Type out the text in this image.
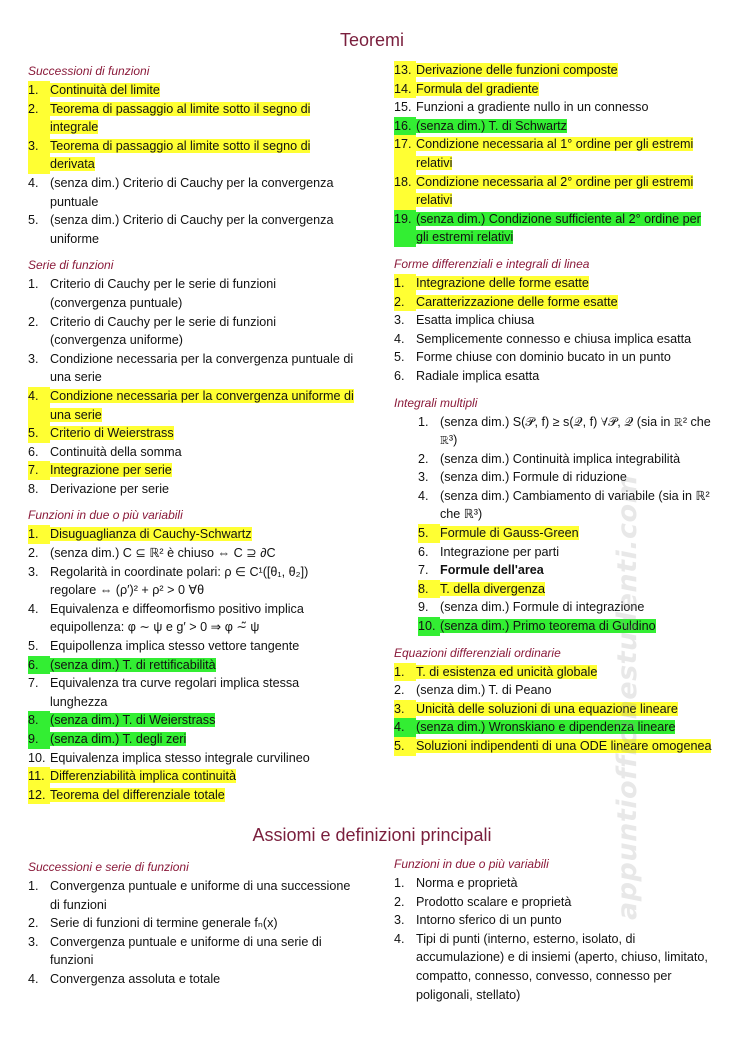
Teoremi
Successioni di funzioni
1. Continuità del limite
2. Teorema di passaggio al limite sotto il segno di integrale
3. Teorema di passaggio al limite sotto il segno di derivata
4. (senza dim.) Criterio di Cauchy per la convergenza puntuale
5. (senza dim.) Criterio di Cauchy per la convergenza uniforme
Serie di funzioni
1. Criterio di Cauchy per le serie di funzioni (convergenza puntuale)
2. Criterio di Cauchy per le serie di funzioni (convergenza uniforme)
3. Condizione necessaria per la convergenza puntuale di una serie
4. Condizione necessaria per la convergenza uniforme di una serie
5. Criterio di Weierstrass
6. Continuità della somma
7. Integrazione per serie
8. Derivazione per serie
Funzioni in due o più variabili
1. Disuguaglianza di Cauchy-Schwartz
2. (senza dim.) C ⊆ ℝ² è chiuso ⇔ C ⊇ ∂C
3. Regolarità in coordinate polari: ρ ∈ C¹([θ₁, θ₂]) regolare ⇔ (ρ′)² + ρ² > 0 ∀θ
4. Equivalenza e diffeomorfismo positivo implica equipollenza: φ ∼ ψ e g′ > 0 ⇒ φ ∼̃ ψ
5. Equipollenza implica stesso vettore tangente
6. (senza dim.) T. di rettificabilità
7. Equivalenza tra curve regolari implica stessa lunghezza
8. (senza dim.) T. di Weierstrass
9. (senza dim.) T. degli zeri
10. Equivalenza implica stesso integrale curvilineo
11. Differenziabilità implica continuità
12. Teorema del differenziale totale
13. Derivazione delle funzioni composte
14. Formula del gradiente
15. Funzioni a gradiente nullo in un connesso
16. (senza dim.) T. di Schwartz
17. Condizione necessaria al 1° ordine per gli estremi relativi
18. Condizione necessaria al 2° ordine per gli estremi relativi
19. (senza dim.) Condizione sufficiente al 2° ordine per gli estremi relativi
Forme differenziali e integrali di linea
1. Integrazione delle forme esatte
2. Caratterizzazione delle forme esatte
3. Esatta implica chiusa
4. Semplicemente connesso e chiusa implica esatta
5. Forme chiuse con dominio bucato in un punto
6. Radiale implica esatta
Integrali multipli
1. (senza dim.) S(𝒫, f) ≥ s(𝒬, f) ∀𝒫, 𝒬 (sia in ℝ² che ℝ³)
2. (senza dim.) Continuità implica integrabilità
3. (senza dim.) Formule di riduzione
4. (senza dim.) Cambiamento di variabile (sia in ℝ² che ℝ³)
5. Formule di Gauss-Green
6. Integrazione per parti
7. Formule dell'area
8. T. della divergenza
9. (senza dim.) Formule di integrazione
10. (senza dim.) Primo teorema di Guldino
Equazioni differenziali ordinarie
1. T. di esistenza ed unicità globale
2. (senza dim.) T. di Peano
3. Unicità delle soluzioni di una equazione lineare
4. (senza dim.) Wronskiano e dipendenza lineare
5. Soluzioni indipendenti di una ODE lineare omogenea
Assiomi e definizioni principali
Successioni e serie di funzioni
1. Convergenza puntuale e uniforme di una successione di funzioni
2. Serie di funzioni di termine generale fₙ(x)
3. Convergenza puntuale e uniforme di una serie di funzioni
4. Convergenza assoluta e totale
Funzioni in due o più variabili
1. Norma e proprietà
2. Prodotto scalare e proprietà
3. Intorno sferico di un punto
4. Tipi di punti (interno, esterno, isolato, di accumulazione) e di insiemi (aperto, chiuso, limitato, compatto, connesso, convesso, connesso per poligonali, stellato)
appuntiofficinestudenti.com
